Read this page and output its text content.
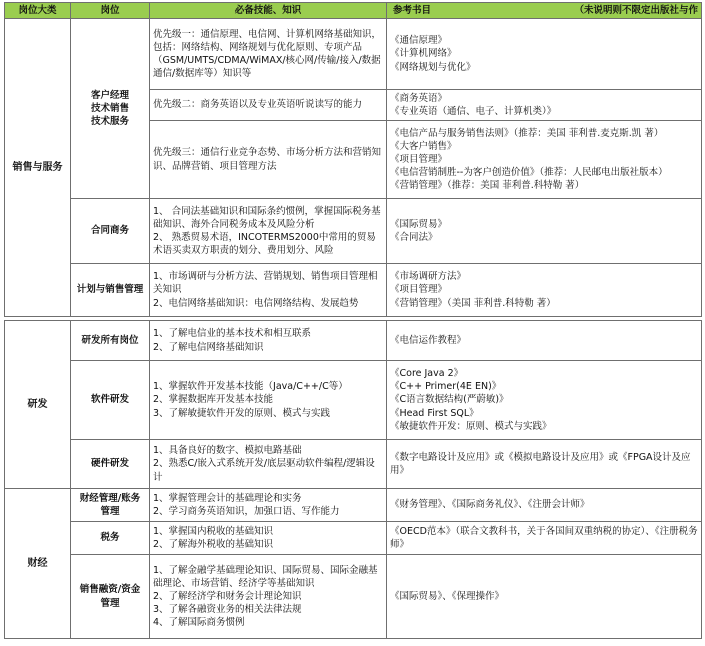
岗位大类	岗位	必备技能、知识	参考书目 （未说明则不限定出版社与作

销售与服务	客户经理
技术销售
技术服务	优先级一：通信原理、电信网、计算机网络基础知识，包括：网络结构、网络规划与优化原则、专项产品（GSM/UMTS/CDMA/WiMAX/核心网/传输/接入/数据通信/数据库等）知识等	《通信原理》
《计算机网络》
《网络规划与优化》

		优先级二：商务英语以及专业英语听说读写的能力	《商务英语》
《专业英语（通信、电子、计算机类）》

		优先级三：通信行业竞争态势、市场分析方法和营销知识、品牌营销、项目管理方法	《电信产品与服务销售法则》（推荐：美国 菲利普.麦克斯.凯 著）
《大客户销售》
《项目管理》
《电信营销制胜--为客户创造价值》（推荐：人民邮电出版社版本）
《营销管理》（推荐：美国 菲利普.科特勒 著）

	合同商务	1、 合同法基础知识和国际条约惯例，掌握国际税务基础知识、海外合同税务成本及风险分析
2、 熟悉贸易术语，INCOTERMS2000中常用的贸易术语买卖双方职责的划分、费用划分、风险	《国际贸易》
《合同法》

	计划与销售管理	1、市场调研与分析方法、营销规划、销售项目管理相关知识
2、电信网络基础知识：电信网络结构、发展趋势	《市场调研方法》
《项目管理》
《营销管理》（美国 菲利普.科特勒 著）
研发	研发所有岗位	1、了解电信业的基本技术和相互联系
2、了解电信网络基础知识	《电信运作教程》
	软件研发	1、掌握软件开发基本技能（Java/C++/C等）
2、掌握数据库开发基本技能
3、了解敏捷软件开发的原则、模式与实践	《Core Java 2》
《C++ Primer(4E EN)》
《C语言数据结构(严蔚敏)》
《Head First SQL》
《敏捷软件开发：原则、模式与实践》

	硬件研发	1、具备良好的数字、模拟电路基础
2、熟悉C/嵌入式系统开发/底层驱动软件编程/逻辑设计	《数字电路设计及应用》或《模拟电路设计及应用》或《FPGA设计及应用》
财经	财经管理/账务
管理	1、掌握管理会计的基础理论和实务
2、学习商务英语知识，加强口语、写作能力	《财务管理》、《国际商务礼仪》、《注册会计师》
	税务	1、掌握国内税收的基础知识
2、了解海外税收的基础知识	《OECD范本》（联合文教科书，关于各国间双重纳税的协定）、《注册税务师》

	销售融资/资金
管理	1、了解金融学基础理论知识、国际贸易、国际金融基础理论、市场营销、经济学等基础知识
2、了解经济学和财务会计理论知识
3、了解各融资业务的相关法律法规
4、了解国际商务惯例	《国际贸易》、《保理操作》
